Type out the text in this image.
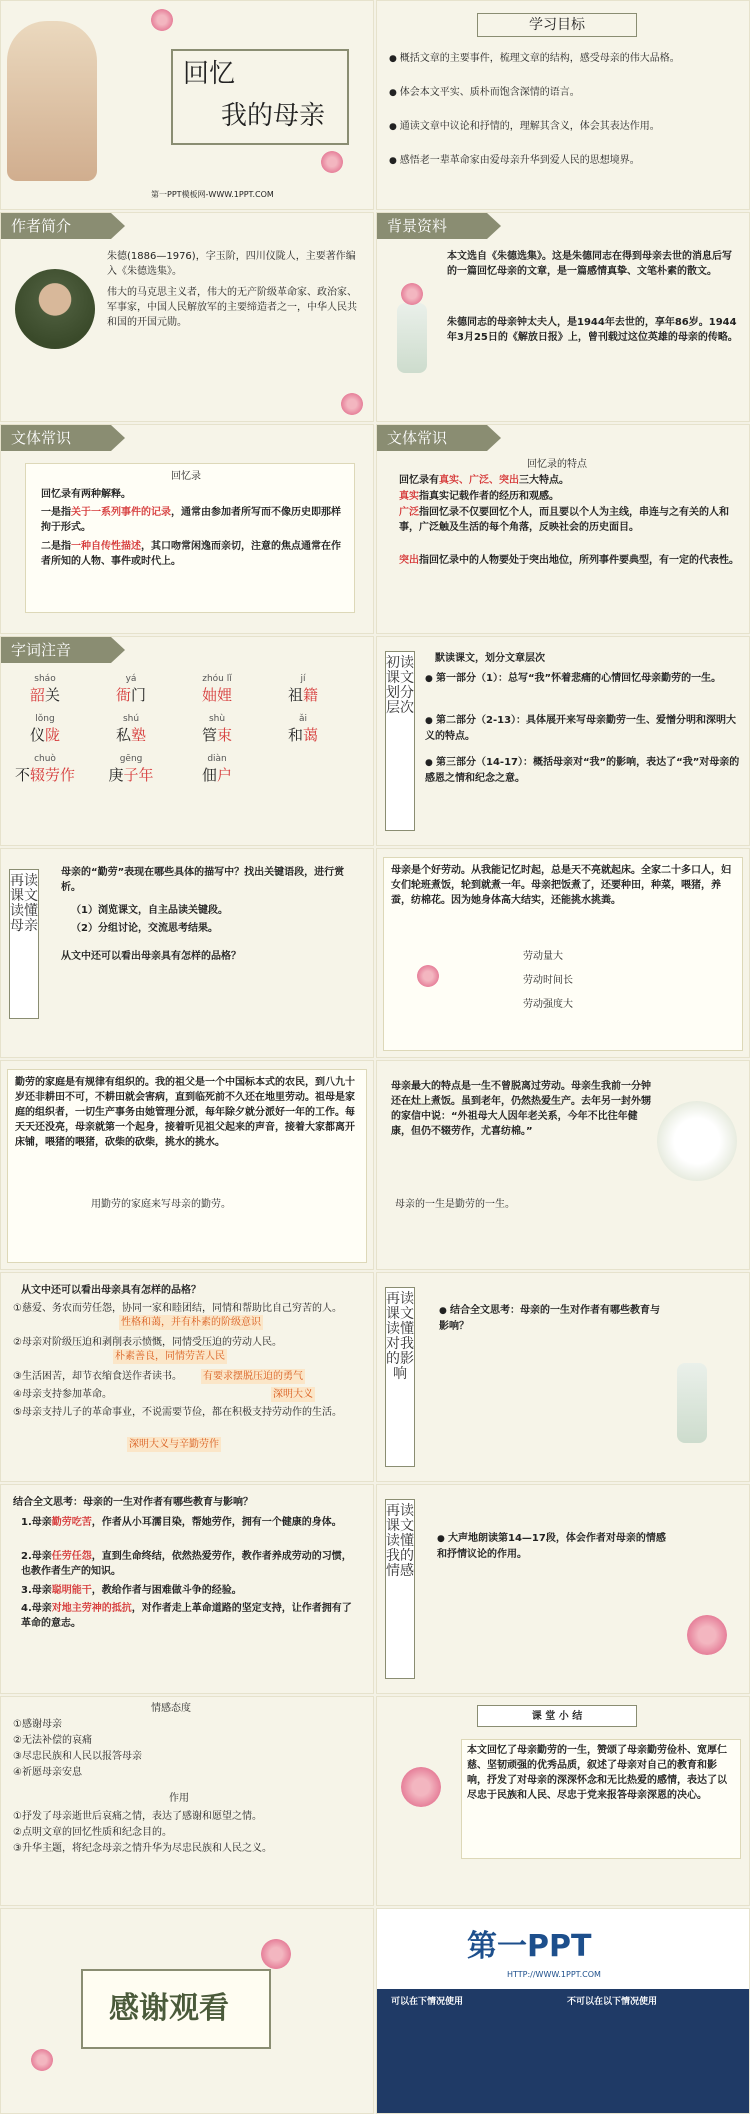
回忆
我的母亲
第一PPT模板网-WWW.1PPT.COM
学习目标
● 概括文章的主要事件，梳理文章的结构，感受母亲的伟大品格。
● 体会本文平实、质朴而饱含深情的语言。
● 通读文章中议论和抒情的，理解其含义，体会其表达作用。
● 感悟老一辈革命家由爱母亲升华到爱人民的思想境界。
作者简介
朱德(1886—1976)，字玉阶，四川仪陇人，主要著作编入《朱德选集》。
伟大的马克思主义者，伟大的无产阶级革命家、政治家、军事家，中国人民解放军的主要缔造者之一，中华人民共和国的开国元勋。
背景资料
本文选自《朱德选集》。这是朱德同志在得到母亲去世的消息后写的一篇回忆母亲的文章，是一篇感情真挚、文笔朴素的散文。
朱德同志的母亲钟太夫人，是1944年去世的，享年86岁。1944年3月25日的《解放日报》上，曾刊载过这位英雄的母亲的传略。
文体常识
回忆录
回忆录有两种解释。
一是指关于一系列事件的记录，通常由参加者所写而不像历史即那样拘于形式。
二是指一种自传性描述，其口吻常闲逸而亲切，注意的焦点通常在作者所知的人物、事件或时代上。
文体常识
回忆录的特点
回忆录有真实、广泛、突出三大特点。
真实指真实记载作者的经历和观感。
广泛指回忆录不仅要回忆个人，而且要以个人为主线，串连与之有关的人和事，广泛触及生活的每个角落，反映社会的历史面目。
突出指回忆录中的人物要处于突出地位，所列事件要典型，有一定的代表性。
字词注音
sháo
韶关
yá
衙门
zhóu lǐ
妯娌
jí
祖籍
lǒng
仪陇
shú
私塾
shù
管束
ǎi
和蔼
chuò
不辍劳作
gēng
庚子年
diàn
佃户
初读课文 划分层次
默读课文，划分文章层次
● 第一部分（1）：总写“我”怀着悲痛的心情回忆母亲勤劳的一生。
● 第二部分（2-13）：具体展开来写母亲勤劳一生、爱憎分明和深明大义的特点。
● 第三部分（14-17）：概括母亲对“我”的影响，表达了“我”对母亲的感恩之情和纪念之意。
再读课文 读懂母亲
母亲的“勤劳”表现在哪些具体的描写中？找出关键语段，进行赏析。
（1）浏览课文，自主品读关键段。
（2）分组讨论，交流思考结果。
从文中还可以看出母亲具有怎样的品格？
母亲是个好劳动。从我能记忆时起，总是天不亮就起床。全家二十多口人，妇女们轮班煮饭，轮到就煮一年。母亲把饭煮了，还要种田，种菜，喂猪，养蚕，纺棉花。因为她身体高大结实，还能挑水挑粪。
劳动量大
劳动时间长
劳动强度大
勤劳的家庭是有规律有组织的。我的祖父是一个中国标本式的农民，到八九十岁还非耕田不可，不耕田就会害病，直到临死前不久还在地里劳动。祖母是家庭的组织者，一切生产事务由她管理分派，每年除夕就分派好一年的工作。每天天还没亮，母亲就第一个起身，接着听见祖父起来的声音，接着大家都离开床铺，喂猪的喂猪，砍柴的砍柴，挑水的挑水。
用勤劳的家庭来写母亲的勤劳。
母亲最大的特点是一生不曾脱离过劳动。母亲生我前一分钟还在灶上煮饭。虽到老年，仍然热爱生产。去年另一封外甥的家信中说：“外祖母大人因年老关系，今年不比往年健康，但仍不辍劳作，尤喜纺棉。”
母亲的一生是勤劳的一生。
从文中还可以看出母亲具有怎样的品格？
①慈爱、务农而劳任怨，协同一家和睦团结，同情和帮助比自己穷苦的人。
性格和蔼，并有朴素的阶级意识
②母亲对阶级压迫和剥削表示愤慨，同情受压迫的劳动人民。
朴素善良，同情劳苦人民
③生活困苦，却节衣缩食送作者读书。	有要求摆脱压迫的勇气
④母亲支持参加革命。	深明大义
⑤母亲支持儿子的革命事业，不说需要节俭，都在积极支持劳动作的生活。
深明大义与辛勤劳作
再读课文 读懂对我的影响
● 结合全文思考：母亲的一生对作者有哪些教育与影响？
结合全文思考：母亲的一生对作者有哪些教育与影响？
1.母亲勤劳吃苦，作者从小耳濡目染，帮她劳作，拥有一个健康的身体。
2.母亲任劳任怨，直到生命终结，依然热爱劳作，教作者养成劳动的习惯，也教作者生产的知识。
3.母亲聪明能干，教给作者与困难做斗争的经验。
4.母亲对地主劳神的抵抗，对作者走上革命道路的坚定支持，让作者拥有了革命的意志。
再读课文 读懂我的情感
● 大声地朗读第14—17段，体会作者对母亲的情感和抒情议论的作用。
情感态度
①感谢母亲
②无法补偿的哀痛
③尽忠民族和人民以报答母亲
④祈愿母亲安息
作用
①抒发了母亲逝世后哀痛之情，表达了感谢和愿望之情。
②点明文章的回忆性质和纪念目的。
③升华主题，将纪念母亲之情升华为尽忠民族和人民之义。
课 堂 小 结
本文回忆了母亲勤劳的一生，赞颂了母亲勤劳俭朴、宽厚仁慈、坚韧顽强的优秀品质，叙述了母亲对自己的教育和影响，抒发了对母亲的深深怀念和无比热爱的感情，表达了以尽忠于民族和人民、尽忠于党来报答母亲深恩的决心。
感谢观看
第一PPT
HTTP://WWW.1PPT.COM
可以在下情况使用	不可以在以下情况使用
